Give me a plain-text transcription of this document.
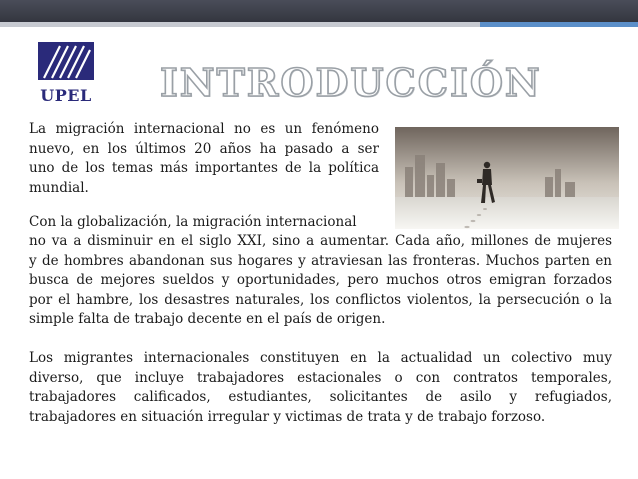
UPEL INTRODUCCIÓN
La migración internacional no es un fenómeno
nuevo, en los últimos 20 años ha pasado a ser
uno de los temas más importantes de la política
mundial.
Con la globalización, la migración internacional
no va a disminuir en el siglo XXI, sino a aumentar. Cada año, millones de mujeres
y de hombres abandonan sus hogares y atraviesan las fronteras. Muchos parten en
busca de mejores sueldos y oportunidades, pero muchos otros emigran forzados
por el hambre, los desastres naturales, los conflictos violentos, la persecución o la
simple falta de trabajo decente en el país de origen.
Los migrantes internacionales constituyen en la actualidad un colectivo muy
diverso, que incluye trabajadores estacionales o con contratos temporales,
trabajadores calificados, estudiantes, solicitantes de asilo y refugiados,
trabajadores en situación irregular y victimas de trata y de trabajo forzoso.
